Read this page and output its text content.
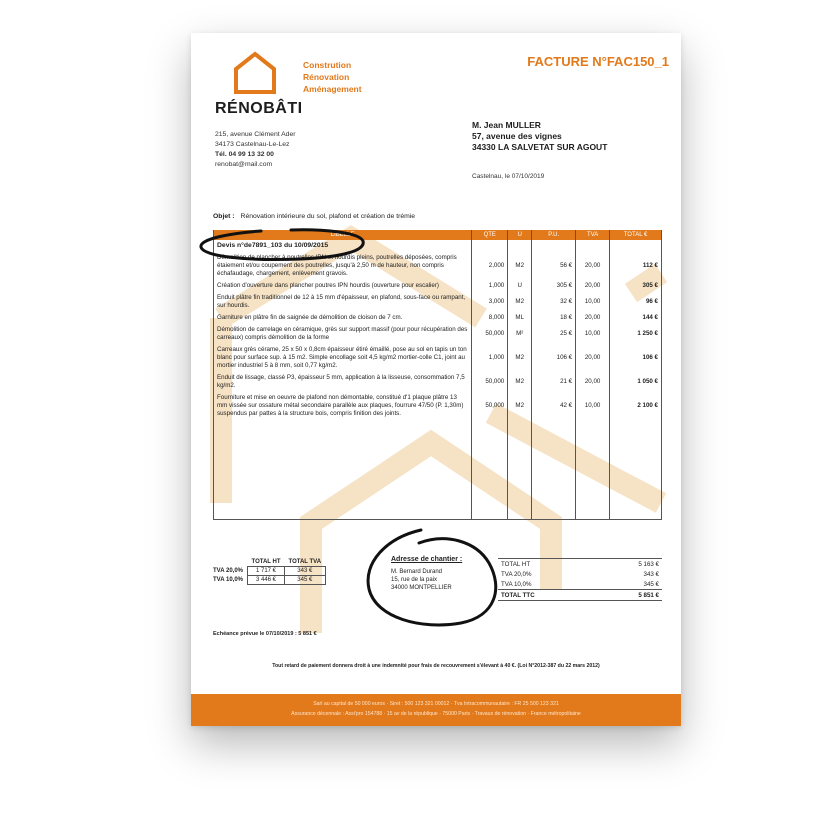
Constrution
Rénovation
Aménagement
RÉNOBÂTI
215, avenue Clément Ader
34173 Castelnau-Le-Lez
Tél. 04 99 13 32 00
renobat@mail.com
FACTURE N°FAC150_1
M. Jean MULLER
57, avenue des vignes
34330 LA SALVETAT SUR AGOUT
Castelnau, le 07/10/2019
Objet : Rénovation intérieure du sol, plafond et création de trémie
LIBELLE	QTE	U	P.U.	TVA	TOTAL €
Devis n°de7891_103 du 10/09/2015					
Démolition de plancher à poutrelles IPN et hourdis pleins, poutrelles déposées, compris étaiement et/ou coupement des poutrelles, jusqu'à 2,50 m de hauteur, non compris échafaudage, chargement, enlèvement gravois.	2,000	M2	56 €	20,00	112 €
Création d'ouverture dans plancher poutres IPN hourdis (ouverture pour escalier)	1,000	U	305 €	20,00	305 €
Enduit plâtre fin traditionnel de 12 à 15 mm d'épaisseur, en plafond, sous-face ou rampant, sur hourdis.	3,000	M2	32 €	10,00	96 €
Garniture en plâtre fin de saignée de démolition de cloison de 7 cm.	8,000	ML	18 €	20,00	144 €
Démolition de carrelage en céramique, grès sur support massif (pour pour récupération des carreaux) compris démolition de la forme	50,000	M²	25 €	10,00	1 250 €
Carreaux grès cérame, 25 x 50 x 0,8cm épaisseur étiré émaillé, pose au sol en tapis un ton blanc pour surface sup. à 15 m2. Simple encollage soit 4,5 kg/m2 mortier-colle C1, joint au mortier industriel 5 à 8 mm, soit 0,77 kg/m2.	1,000	M2	106 €	20,00	106 €
Enduit de lissage, classé P3, épaisseur 5 mm, application à la lisseuse, consommation 7,5 kg/m2.	50,000	M2	21 €	20,00	1 050 €
Fourniture et mise en oeuvre de plafond non démontable, constitué d'1 plaque plâtre 13 mm vissée sur ossature métal secondaire parallèle aux plaques, fourrure 47/50 (P. 1,30m) suspendus par pattes à la structure bois, compris finition des joints.	50,000	M2	42 €	10,00	2 100 €

	TOTAL HT	TOTAL TVA
TVA 20,0%	1 717 €	343 €
TVA 10,0%	3 446 €	345 €
Adresse de chantier :
M. Bernard Durand
15, rue de la paix
34000 MONTPELLIER
TOTAL HT	5 163 €
TVA 20,0%	343 €
TVA 10,0%	345 €
TOTAL TTC	5 851 €
Echéance prévue le 07/10/2019 : 5 851 €
Tout retard de paiement donnera droit à une indemnité pour frais de recouvrement s'élevant à 40 €. (Loi N°2012-387 du 22 mars 2012)
Sarl au capital de 50 000 euros · Siret : 500 123 321 00012 · Tva Intracommunautaire : FR 25 500 123 321
Assurance décennale : Assi'pro 154788 · 15 av de la république · 75000 Paris · Travaux de rénovation · France métropolitaine
